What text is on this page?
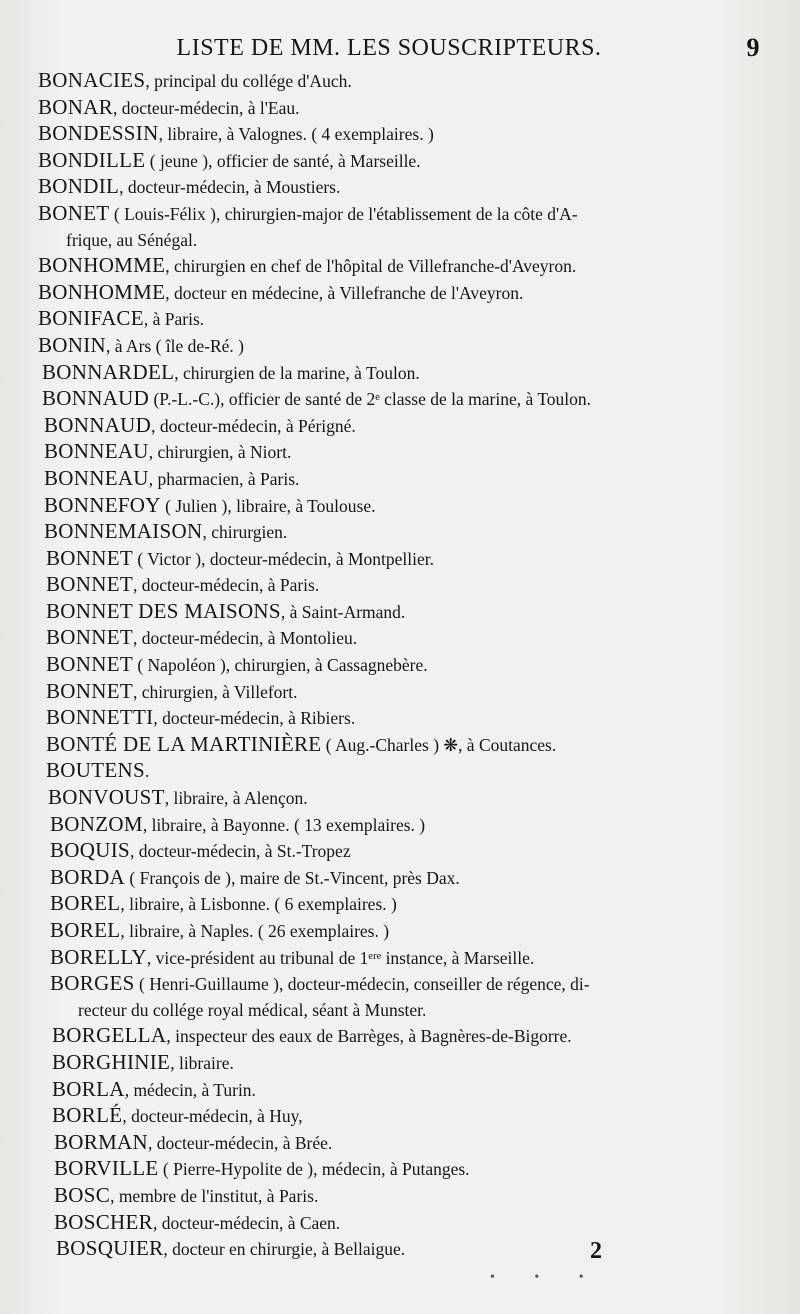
LISTE DE MM. LES SOUSCRIPTEURS.	9
BONACIES, principal du collége d'Auch.
BONAR, docteur-médecin, à l'Eau.
BONDESSIN, libraire, à Valognes. ( 4 exemplaires. )
BONDILLE ( jeune ), officier de santé, à Marseille.
BONDIL, docteur-médecin, à Moustiers.
BONET ( Louis-Félix ), chirurgien-major de l'établissement de la côte d'A-
frique, au Sénégal.
BONHOMME, chirurgien en chef de l'hôpital de Villefranche-d'Aveyron.
BONHOMME, docteur en médecine, à Villefranche de l'Aveyron.
BONIFACE, à Paris.
BONIN, à Ars ( île de-Ré. )
BONNARDEL, chirurgien de la marine, à Toulon.
BONNAUD (P.-L.-C.), officier de santé de 2ᵉ classe de la marine, à Toulon.
BONNAUD, docteur-médecin, à Périgné.
BONNEAU, chirurgien, à Niort.
BONNEAU, pharmacien, à Paris.
BONNEFOY ( Julien ), libraire, à Toulouse.
BONNEMAISON, chirurgien.
BONNET ( Victor ), docteur-médecin, à Montpellier.
BONNET, docteur-médecin, à Paris.
BONNET DES MAISONS, à Saint-Armand.
BONNET, docteur-médecin, à Montolieu.
BONNET ( Napoléon ), chirurgien, à Cassagnebère.
BONNET, chirurgien, à Villefort.
BONNETTI, docteur-médecin, à Ribiers.
BONTÉ DE LA MARTINIÈRE ( Aug.-Charles ) ❋, à Coutances.
BOUTENS.
BONVOUST, libraire, à Alençon.
BONZOM, libraire, à Bayonne. ( 13 exemplaires. )
BOQUIS, docteur-médecin, à St.-Tropez
BORDA ( François de ), maire de St.-Vincent, près Dax.
BOREL, libraire, à Lisbonne. ( 6 exemplaires. )
BOREL, libraire, à Naples. ( 26 exemplaires. )
BORELLY, vice-président au tribunal de 1ᵉʳᵉ instance, à Marseille.
BORGES ( Henri-Guillaume ), docteur-médecin, conseiller de régence, di-
recteur du collége royal médical, séant à Munster.
BORGELLA, inspecteur des eaux de Barrèges, à Bagnères-de-Bigorre.
BORGHINIE, libraire.
BORLA, médecin, à Turin.
BORLÉ, docteur-médecin, à Huy,
BORMAN, docteur-médecin, à Brée.
BORVILLE ( Pierre-Hypolite de ), médecin, à Putanges.
BOSC, membre de l'institut, à Paris.
BOSCHER, docteur-médecin, à Caen.
BOSQUIER, docteur en chirurgie, à Bellaigue.	2
• • •
